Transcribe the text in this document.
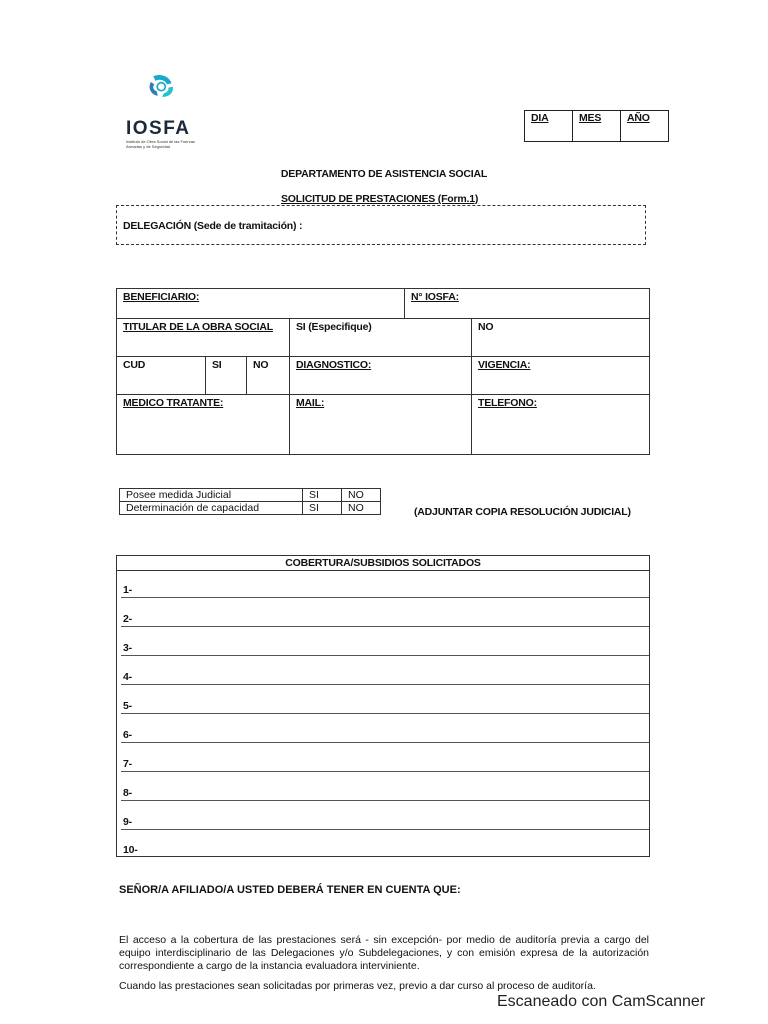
IOSFA
Instituto de Obra Social de las Fuerzas Armadas y de Seguridad
DIA	MES	AÑO
DEPARTAMENTO DE ASISTENCIA SOCIAL
SOLICITUD DE PRESTACIONES (Form.1)
DELEGACIÓN (Sede de tramitación) :
BENEFICIARIO:				N° IOSFA:	
TITULAR DE LA OBRA SOCIAL			SI (Especifique)		NO
CUD	SI	NO	DIAGNOSTICO:		VIGENCIA:
MEDICO TRATANTE:			MAIL:		TELEFONO:
Posee medida Judicial	SI	NO
Determinación de capacidad	SI	NO	(ADJUNTAR COPIA RESOLUCIÓN JUDICIAL)
COBERTURA/SUBSIDIOS SOLICITADOS
1-
2-
3-
4-
5-
6-
7-
8-
9-
10-
SEÑOR/A AFILIADO/A USTED DEBERÁ TENER EN CUENTA QUE:
El acceso a la cobertura de las prestaciones será - sin excepción- por medio de auditoría previa a cargo del equipo interdisciplinario de las Delegaciones y/o Subdelegaciones, y con emisión expresa de la autorización correspondiente a cargo de la instancia evaluadora interviniente.
Cuando las prestaciones sean solicitadas por primeras vez, previo a dar curso al proceso de auditoría.
Escaneado con CamScanner
